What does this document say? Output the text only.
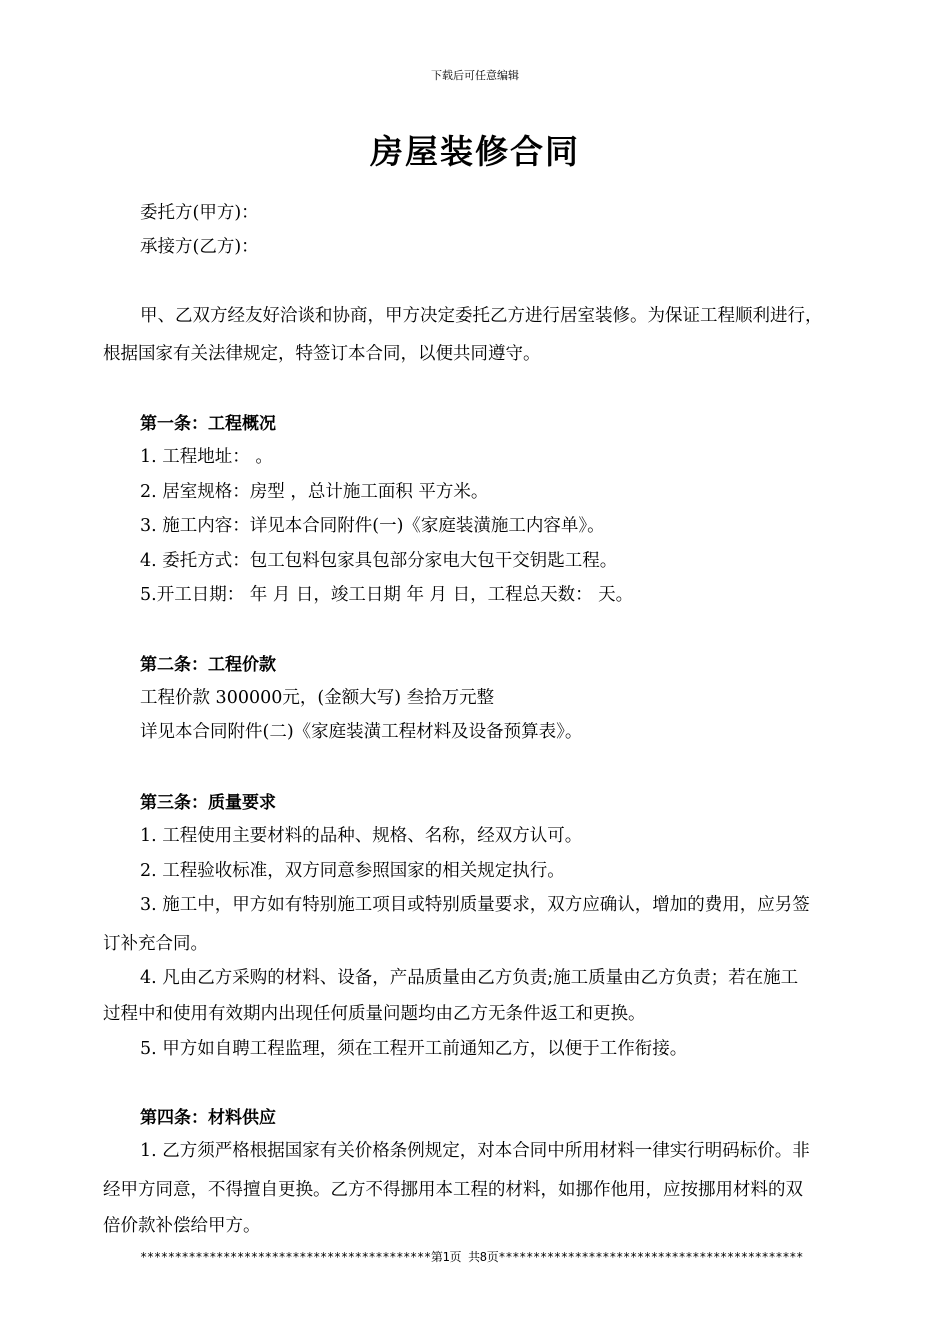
下载后可任意编辑
房屋装修合同
委托方(甲方)：
承接方(乙方)：
甲、乙双方经友好洽谈和协商，甲方决定委托乙方进行居室装修。为保证工程顺利进行，
根据国家有关法律规定，特签订本合同，以便共同遵守。
第一条：工程概况
1. 工程地址： 。
2. 居室规格：房型 ，总计施工面积 平方米。
3. 施工内容：详见本合同附件(一)《家庭装潢施工内容单》。
4. 委托方式：包工包料包家具包部分家电大包干交钥匙工程。
5.开工日期： 年 月 日，竣工日期 年 月 日，工程总天数： 天。
第二条：工程价款
工程价款 300000元，(金额大写) 叁拾万元整
详见本合同附件(二)《家庭装潢工程材料及设备预算表》。
第三条：质量要求
1. 工程使用主要材料的品种、规格、名称，经双方认可。
2. 工程验收标准，双方同意参照国家的相关规定执行。
3. 施工中，甲方如有特别施工项目或特别质量要求，双方应确认，增加的费用，应另签
订补充合同。
4. 凡由乙方采购的材料、设备，产品质量由乙方负责;施工质量由乙方负责；若在施工
过程中和使用有效期内出现任何质量问题均由乙方无条件返工和更换。
5. 甲方如自聘工程监理，须在工程开工前通知乙方，以便于工作衔接。
第四条：材料供应
1. 乙方须严格根据国家有关价格条例规定，对本合同中所用材料一律实行明码标价。非
经甲方同意，不得擅自更换。乙方不得挪用本工程的材料，如挪作他用，应按挪用材料的双
倍价款补偿给甲方。
******************************************第1页 共8页********************************************
